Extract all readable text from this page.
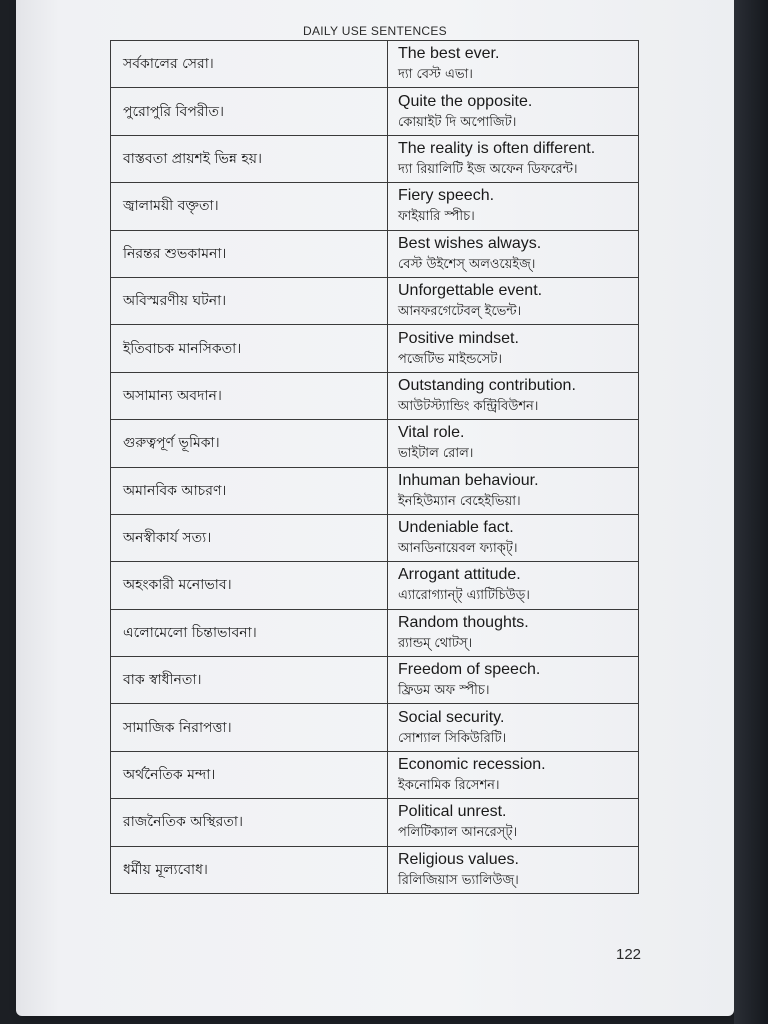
DAILY USE SENTENCES
সর্বকালের সেরা।	The best ever.
দ্যা বেস্ট এভা।

পুরোপুরি বিপরীত।	Quite the opposite.
কোয়াইট দি অপোজিট।

বাস্তবতা প্রায়শই ভিন্ন হয়।	The reality is often different.
দ্যা রিয়ালিটি ইজ অফেন ডিফরেন্ট।

জ্বালাময়ী বক্তৃতা।	Fiery speech.
ফাইয়ারি স্পীচ।

নিরন্তর শুভকামনা।	Best wishes always.
বেস্ট উইশেস্ অলওয়েইজ্।

অবিস্মরণীয় ঘটনা।	Unforgettable event.
আনফরগেটেবল্ ইভেন্ট।

ইতিবাচক মানসিকতা।	Positive mindset.
পজেটিভ মাইন্ডসেট।

অসামান্য অবদান।	Outstanding contribution.
আউটস্ট্যান্ডিং কন্ট্রিবিউশন।

গুরুত্বপূর্ণ ভূমিকা।	Vital role.
ভাইটাল রোল।

অমানবিক আচরণ।	Inhuman behaviour.
ইনহিউম্যান বেহেইভিয়া।

অনস্বীকার্য সত্য।	Undeniable fact.
আনডিনায়েবল ফ্যাক্ট্।

অহংকারী মনোভাব।	Arrogant attitude.
এ্যারোগ্যান্ট্ এ্যাটিচিউড্।

এলোমেলো চিন্তাভাবনা।	Random thoughts.
র‍্যান্ডম্ থোটস্।

বাক স্বাধীনতা।	Freedom of speech.
ফ্রিডম অফ স্পীচ।

সামাজিক নিরাপত্তা।	Social security.
সোশ্যাল সিকিউরিটি।

অর্থনৈতিক মন্দা।	Economic recession.
ইকনোমিক রিসেশন।

রাজনৈতিক অস্থিরতা।	Political unrest.
পলিটিক্যাল আনরেস্ট্।

ধর্মীয় মূল্যবোধ।	Religious values.
রিলিজিয়াস ভ্যালিউজ্।
122
